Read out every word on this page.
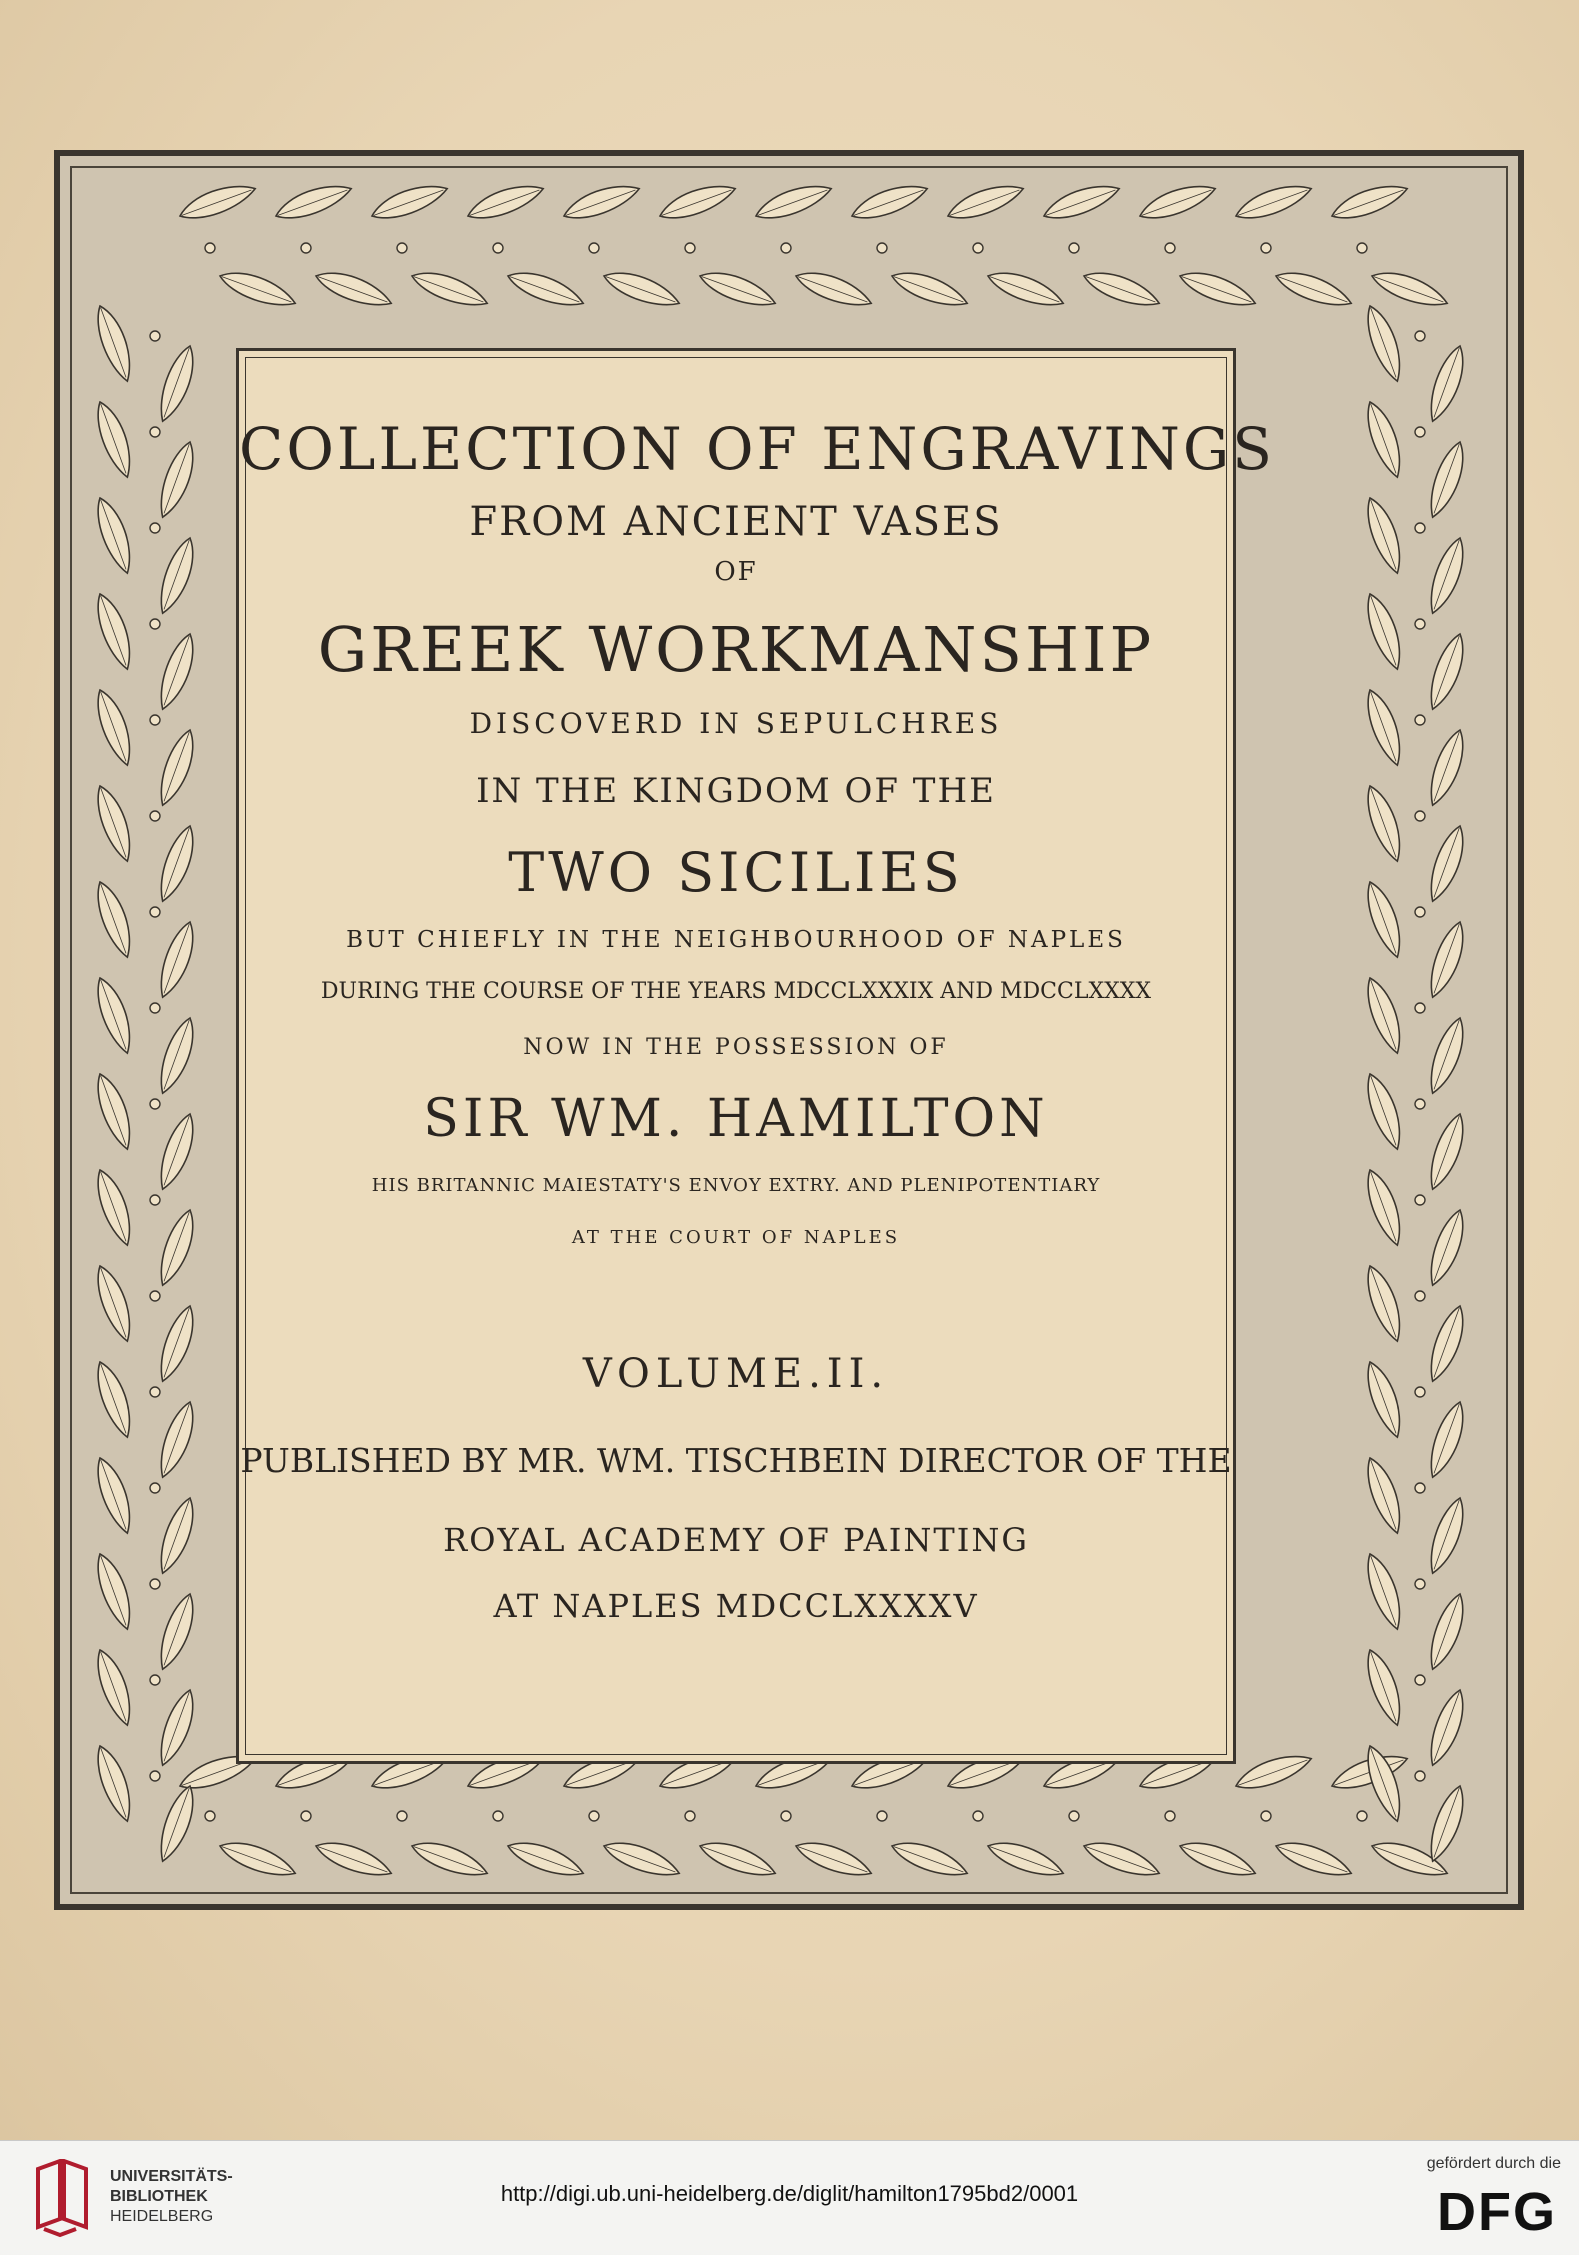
COLLECTION OF ENGRAVINGS
FROM ANCIENT VASES
OF
GREEK WORKMANSHIP
DISCOVERD IN SEPULCHRES
IN THE KINGDOM OF THE
TWO SICILIES
BUT CHIEFLY IN THE NEIGHBOURHOOD OF NAPLES
DURING THE COURSE OF THE YEARS MDCCLXXXIX AND MDCCLXXXX
NOW IN THE POSSESSION OF
SIR WM. HAMILTON
HIS BRITANNIC MAIESTATY'S ENVOY EXTRY. AND PLENIPOTENTIARY
AT THE COURT OF NAPLES
VOLUME.II.
PUBLISHED BY MR. WM. TISCHBEIN DIRECTOR OF THE
ROYAL ACADEMY OF PAINTING
AT NAPLES MDCCLXXXXV
UNIVERSITÄTS-
BIBLIOTHEK
HEIDELBERG
http://digi.ub.uni-heidelberg.de/diglit/hamilton1795bd2/0001
gefördert durch die
DFG
